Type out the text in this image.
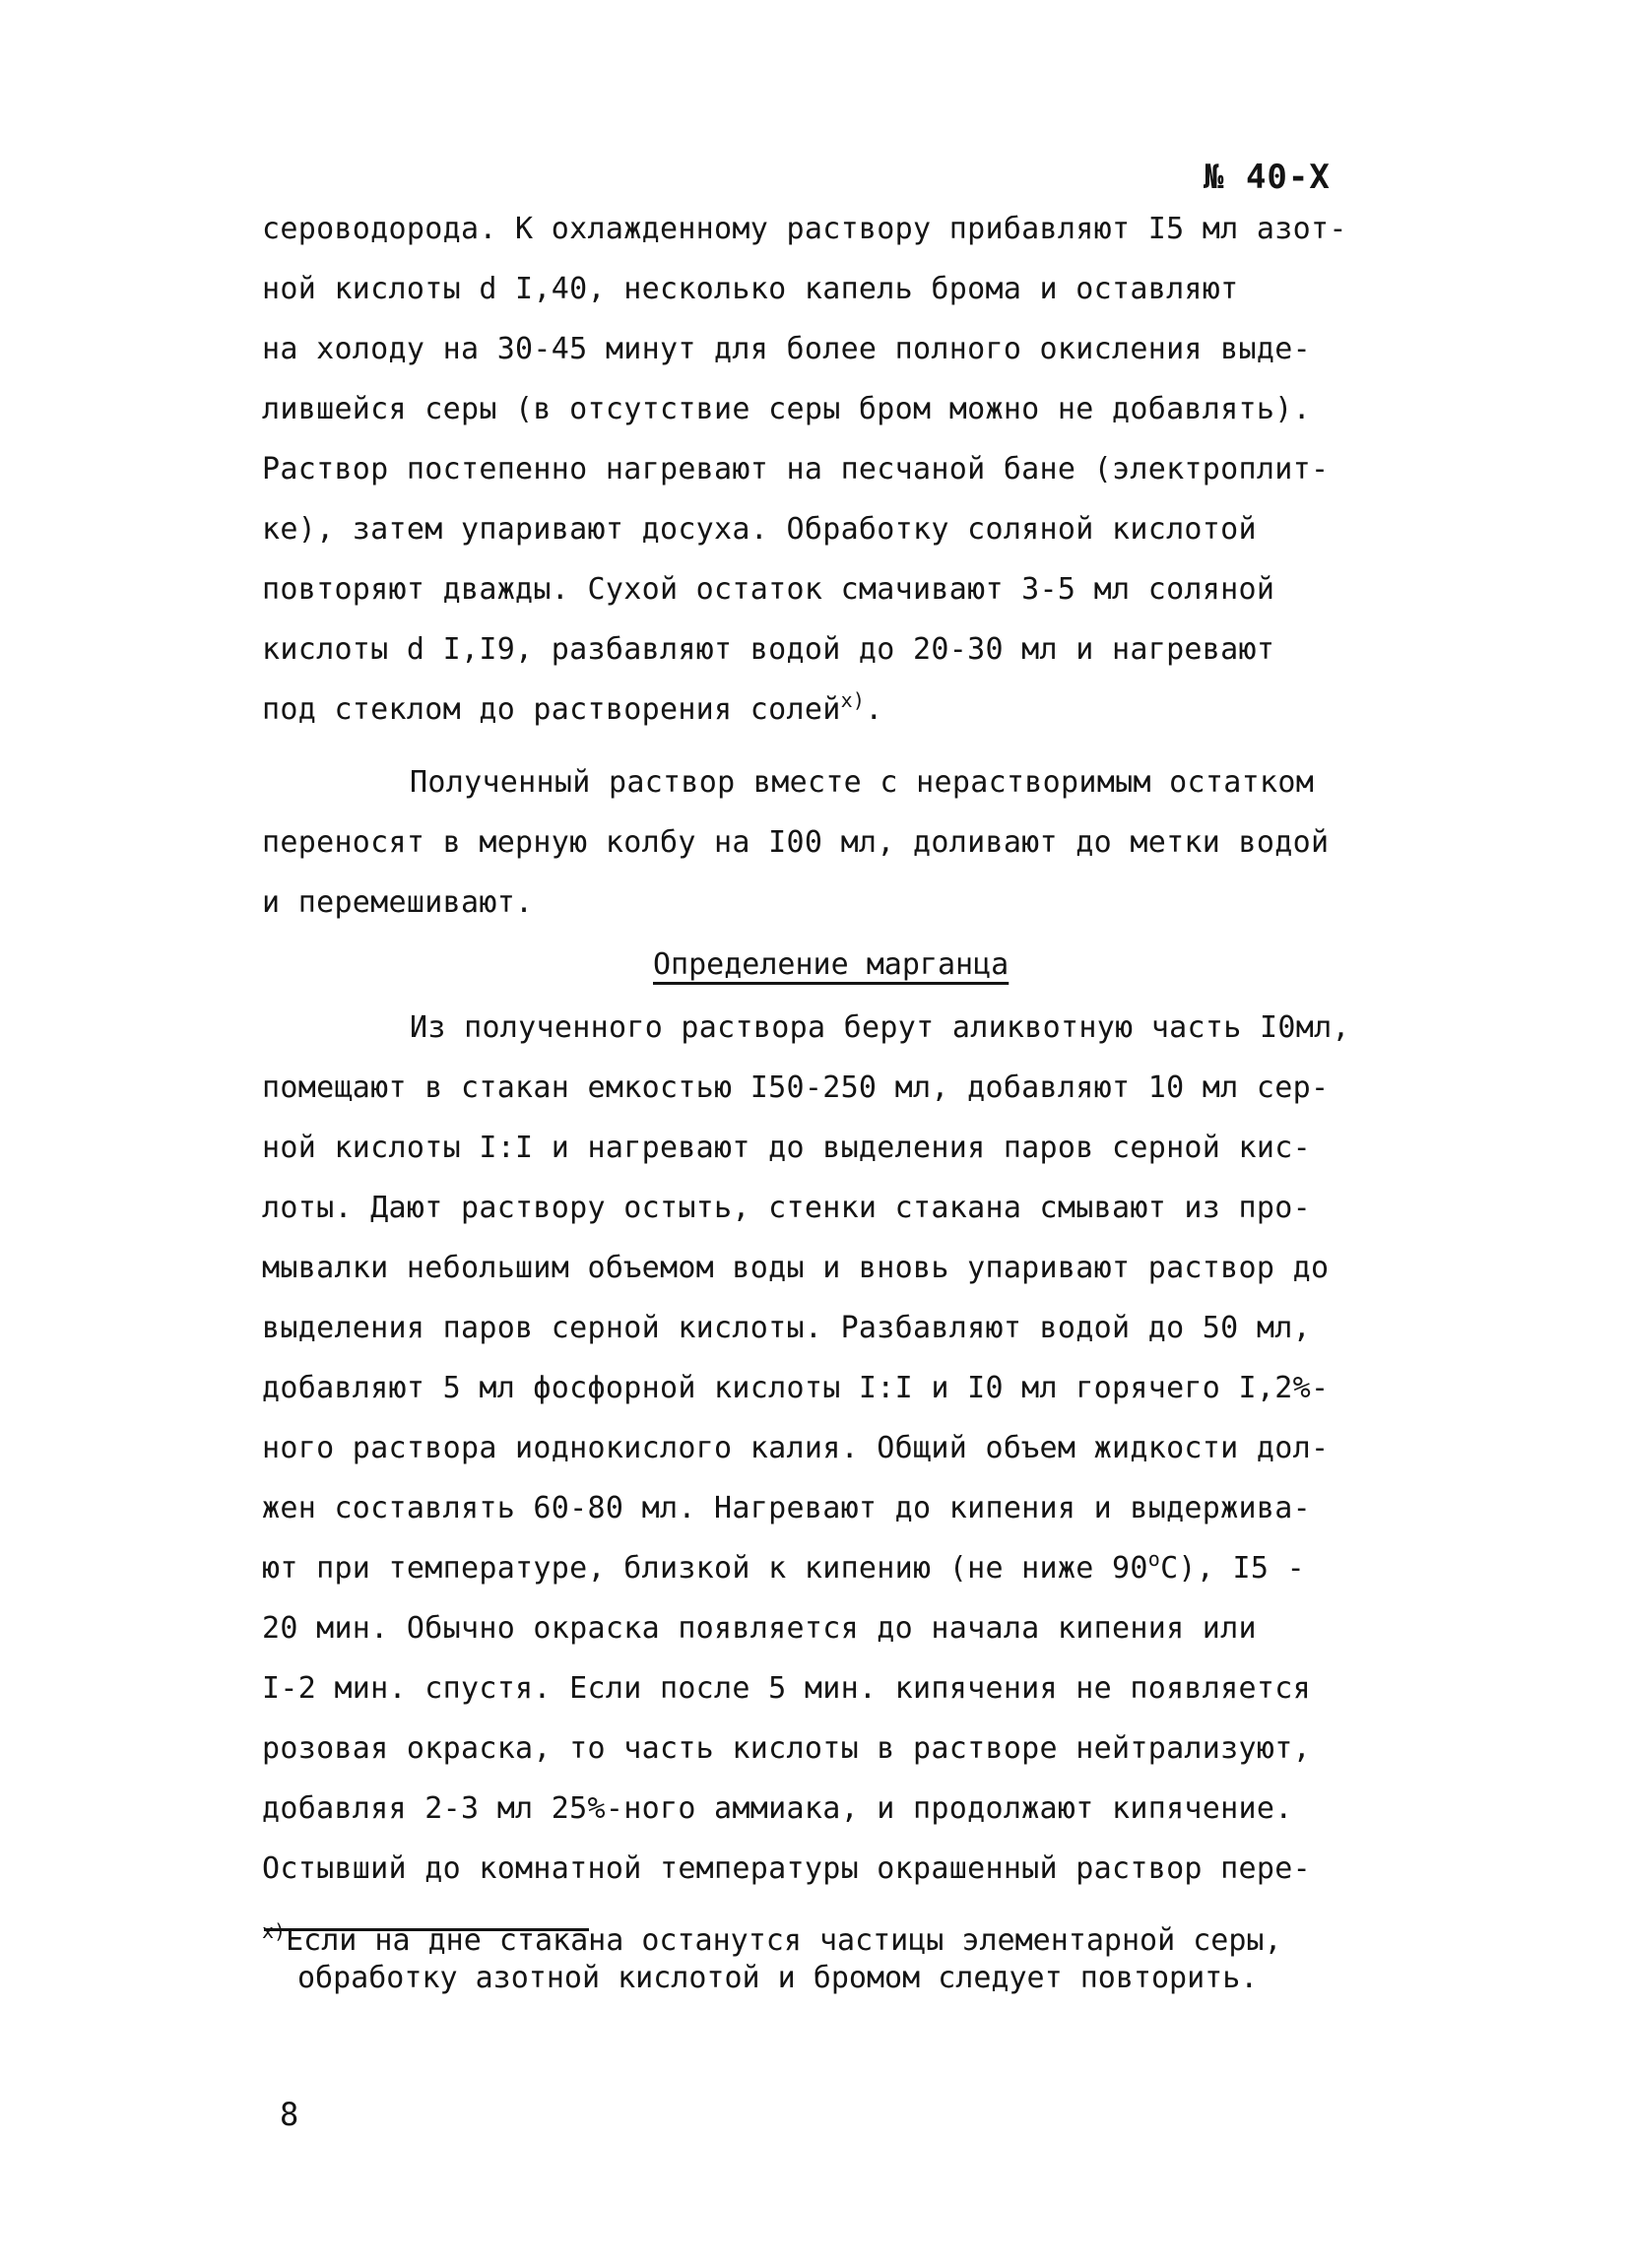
№ 40-X
сероводорода. К охлажденному раствору прибавляют I5 мл азот-
ной кислоты d I,40, несколько капель брома и оставляют
на холоду на 30-45 минут для более полного окисления выде-
лившейся серы (в отсутствие серы бром можно не добавлять).
Раствор постепенно нагревают на песчаной бане (электроплит-
ке), затем упаривают досуха. Обработку соляной кислотой
повторяют дважды. Сухой остаток смачивают 3-5 мл соляной
кислоты d I,I9, разбавляют водой до 20-30 мл и нагревают
под стеклом до растворения солей$^{x)}$.
Полученный раствор вместе с нерастворимым остатком
переносят в мерную колбу на I00 мл, доливают до метки водой
и перемешивают.
Определение марганца
Из полученного раствора берут аликвотную часть I0мл,
помещают в стакан емкостью I50-250 мл, добавляют 10 мл сер-
ной кислоты I:I и нагревают до выделения паров серной кис-
лоты. Дают раствору остыть, стенки стакана смывают из про-
мывалки небольшим объемом воды и вновь упаривают раствор до
выделения паров серной кислоты. Разбавляют водой до 50 мл,
добавляют 5 мл фосфорной кислоты I:I и I0 мл горячего I,2%-
ного раствора иоднокислого калия. Общий объем жидкости дол-
жен составлять 60-80 мл. Нагревают до кипения и выдержива-
ют при температуре, близкой к кипению (не ниже $90^оС$), I5 -
20 мин. Обычно окраска появляется до начала кипения или
I-2 мин. спустя. Если после 5 мин. кипячения не появляется
розовая окраска, то часть кислоты в растворе нейтрализуют,
добавляя 2-3 мл 25%-ного аммиака, и продолжают кипячение.
Остывший до комнатной температуры окрашенный раствор пере-
$^{x)}$Если на дне стакана останутся частицы элементарной серы,
обработку азотной кислотой и бромом следует повторить.
8
